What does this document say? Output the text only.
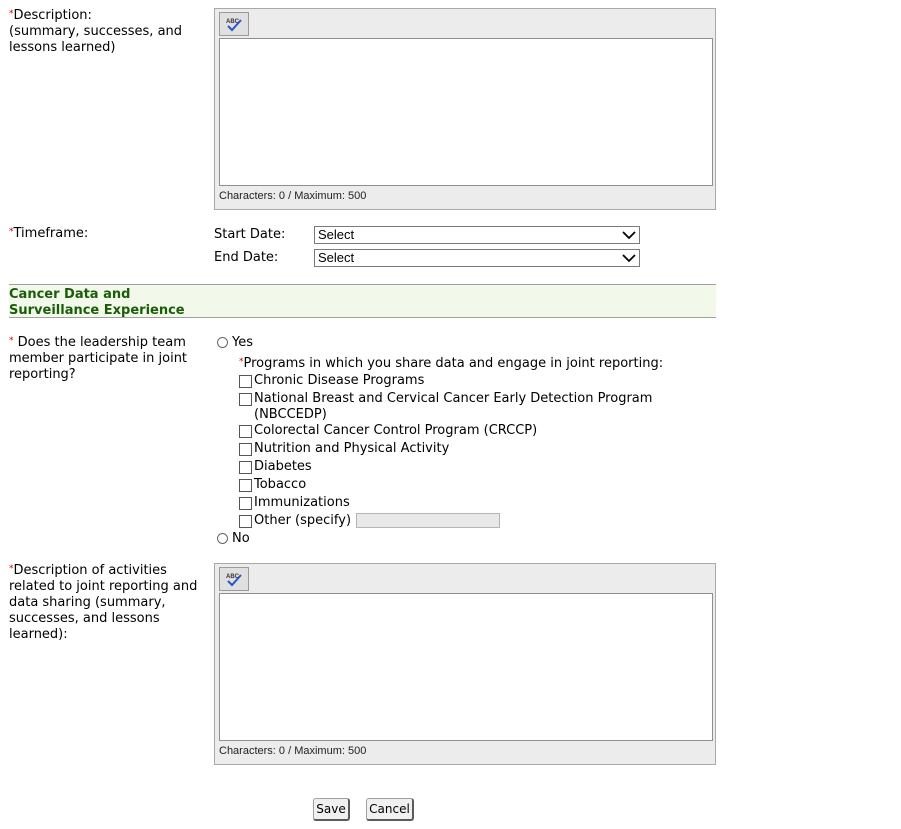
*Description:
(summary, successes, and lessons learned)
ABC
Characters: 0 / Maximum: 500
*Timeframe:	Start Date:	Select
End Date:	Select
Cancer Data and
Surveillance Experience
* Does the leadership team member participate in joint reporting?
Yes
*Programs in which you share data and engage in joint reporting:
Chronic Disease Programs
National Breast and Cervical Cancer Early Detection Program
(NBCCEDP)
Colorectal Cancer Control Program (CRCCP)
Nutrition and Physical Activity
Diabetes
Tobacco
Immunizations
Other (specify)
No
*Description of activities related to joint reporting and data sharing (summary, successes, and lessons learned):
ABC
Characters: 0 / Maximum: 500
Save	Cancel
